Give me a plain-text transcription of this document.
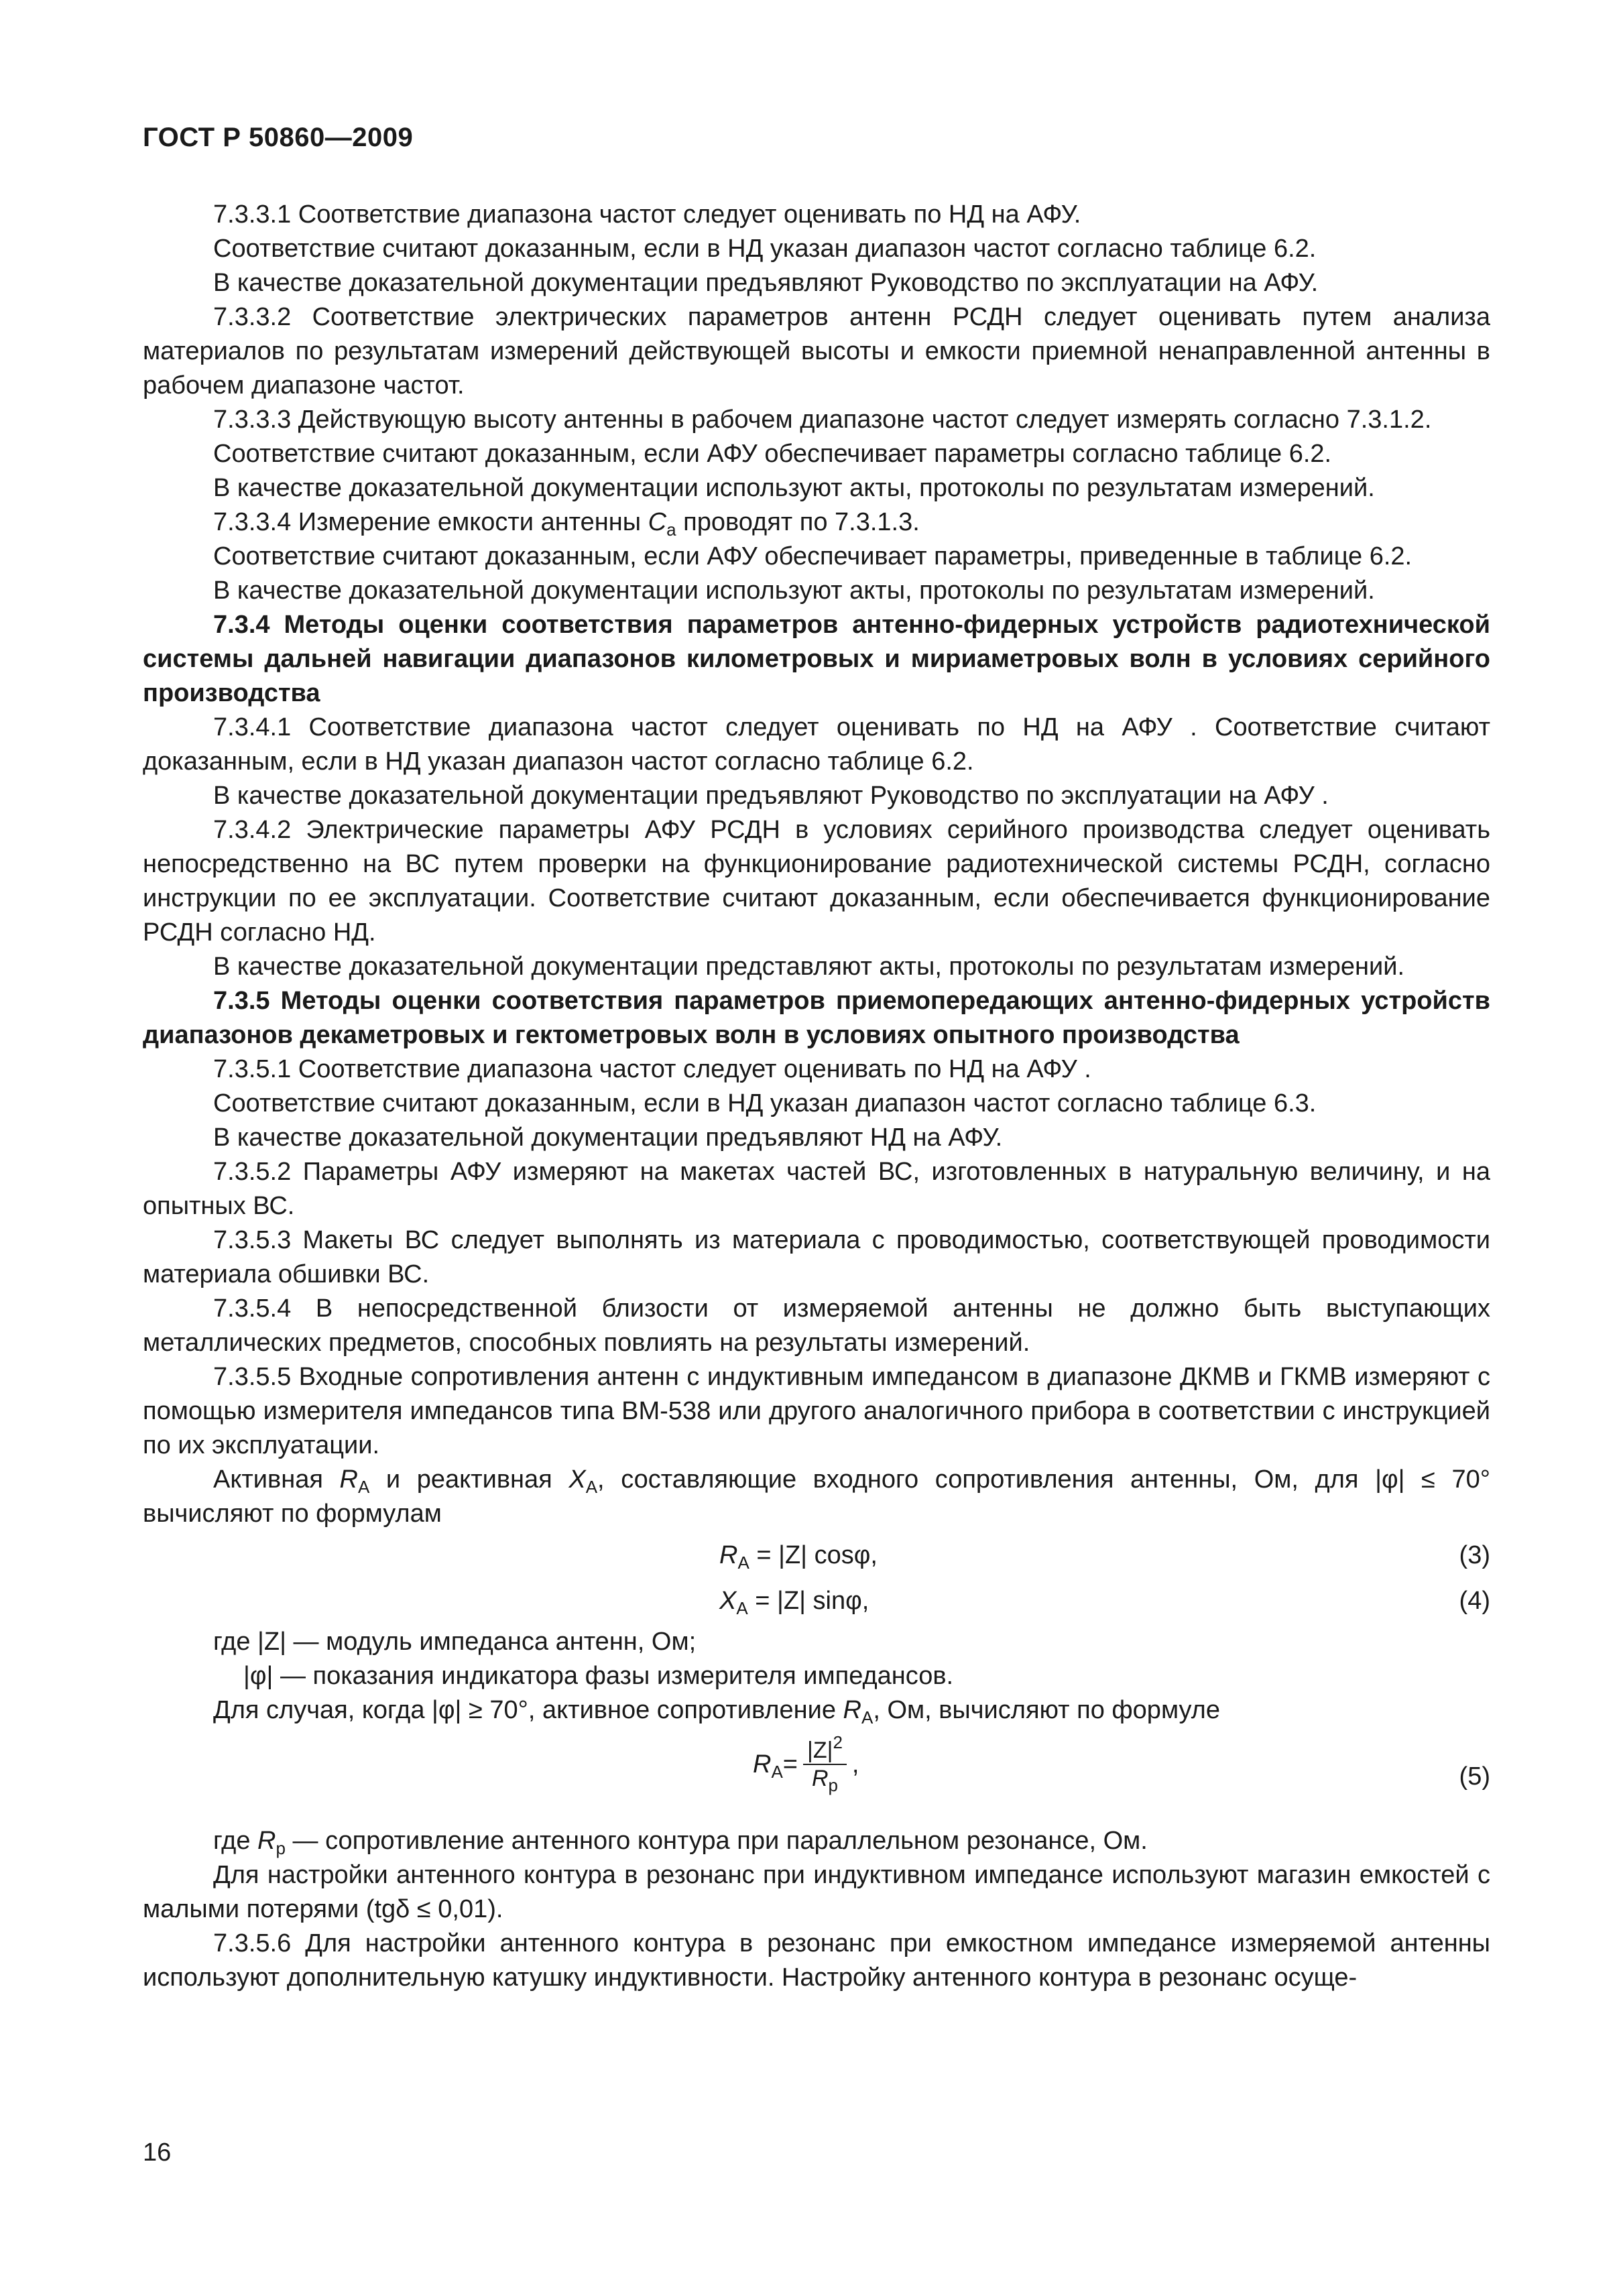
ГОСТ Р 50860—2009

7.3.3.1 Соответствие диапазона частот следует оценивать по НД на АФУ.

Соответствие считают доказанным, если в НД указан диапазон частот согласно таблице 6.2.

В качестве доказательной документации предъявляют Руководство по эксплуатации на АФУ.

7.3.3.2 Соответствие электрических параметров антенн РСДН следует оценивать путем анализа материалов по результатам измерений действующей высоты и емкости приемной ненаправленной антенны в рабочем диапазоне частот.

7.3.3.3 Действующую высоту антенны в рабочем диапазоне частот следует измерять согласно 7.3.1.2.

Соответствие считают доказанным, если АФУ обеспечивает параметры согласно таблице 6.2.

В качестве доказательной документации используют акты, протоколы по результатам измерений.

7.3.3.4 Измерение емкости антенны $C_a$ проводят по 7.3.1.3.

Соответствие считают доказанным, если АФУ обеспечивает параметры, приведенные в таблице 6.2.

В качестве доказательной документации используют акты, протоколы по результатам измерений.

7.3.4 Методы оценки соответствия параметров антенно-фидерных устройств радиотехнической системы дальней навигации диапазонов километровых и мириаметровых волн в условиях серийного производства

7.3.4.1 Соответствие диапазона частот следует оценивать по НД на АФУ . Соответствие считают доказанным, если в НД указан диапазон частот согласно таблице 6.2.

В качестве доказательной документации предъявляют Руководство по эксплуатации на АФУ .

7.3.4.2 Электрические параметры АФУ РСДН в условиях серийного производства следует оценивать непосредственно на ВС путем проверки на функционирование радиотехнической системы РСДН, согласно инструкции по ее эксплуатации. Соответствие считают доказанным, если обеспечивается функционирование РСДН согласно НД.

В качестве доказательной документации представляют акты, протоколы по результатам измерений.

7.3.5 Методы оценки соответствия параметров приемопередающих антенно-фидерных устройств диапазонов декаметровых и гектометровых волн в условиях опытного производства

7.3.5.1 Соответствие диапазона частот следует оценивать по НД на АФУ .

Соответствие считают доказанным, если в НД указан диапазон частот согласно таблице 6.3.

В качестве доказательной документации предъявляют НД на АФУ.

7.3.5.2 Параметры АФУ измеряют на макетах частей ВС, изготовленных в натуральную величину, и на опытных ВС.

7.3.5.3 Макеты ВС следует выполнять из материала с проводимостью, соответствующей проводимости материала обшивки ВС.

7.3.5.4 В непосредственной близости от измеряемой антенны не должно быть выступающих металлических предметов, способных повлиять на результаты измерений.

7.3.5.5 Входные сопротивления антенн с индуктивным импедансом в диапазоне ДКМВ и ГКМВ измеряют с помощью измерителя импедансов типа ВМ-538 или другого аналогичного прибора в соответствии с инструкцией по их эксплуатации.

Активная $R_A$ и реактивная $X_A$, составляющие входного сопротивления антенны, Ом, для |φ| ≤ 70° вычисляют по формулам

$R_A = |Z|$ cosφ,	(3)
$X_A = |Z|$ sinφ,	(4)

где |Z| — модуль импеданса антенн, Ом;

|φ| — показания индикатора фазы измерителя импедансов.

Для случая, когда |φ| ≥ 70°, активное сопротивление $R_A$, Ом, вычисляют по формуле

$R_A = \frac{|Z|^2}{R_p}$ ,	(5)

где $R_p$ — сопротивление антенного контура при параллельном резонансе, Ом.

Для настройки антенного контура в резонанс при индуктивном импедансе используют магазин емкостей с малыми потерями (tgδ ≤ 0,01).

7.3.5.6 Для настройки антенного контура в резонанс при емкостном импедансе измеряемой антенны используют дополнительную катушку индуктивности. Настройку антенного контура в резонанс осуще-

16
